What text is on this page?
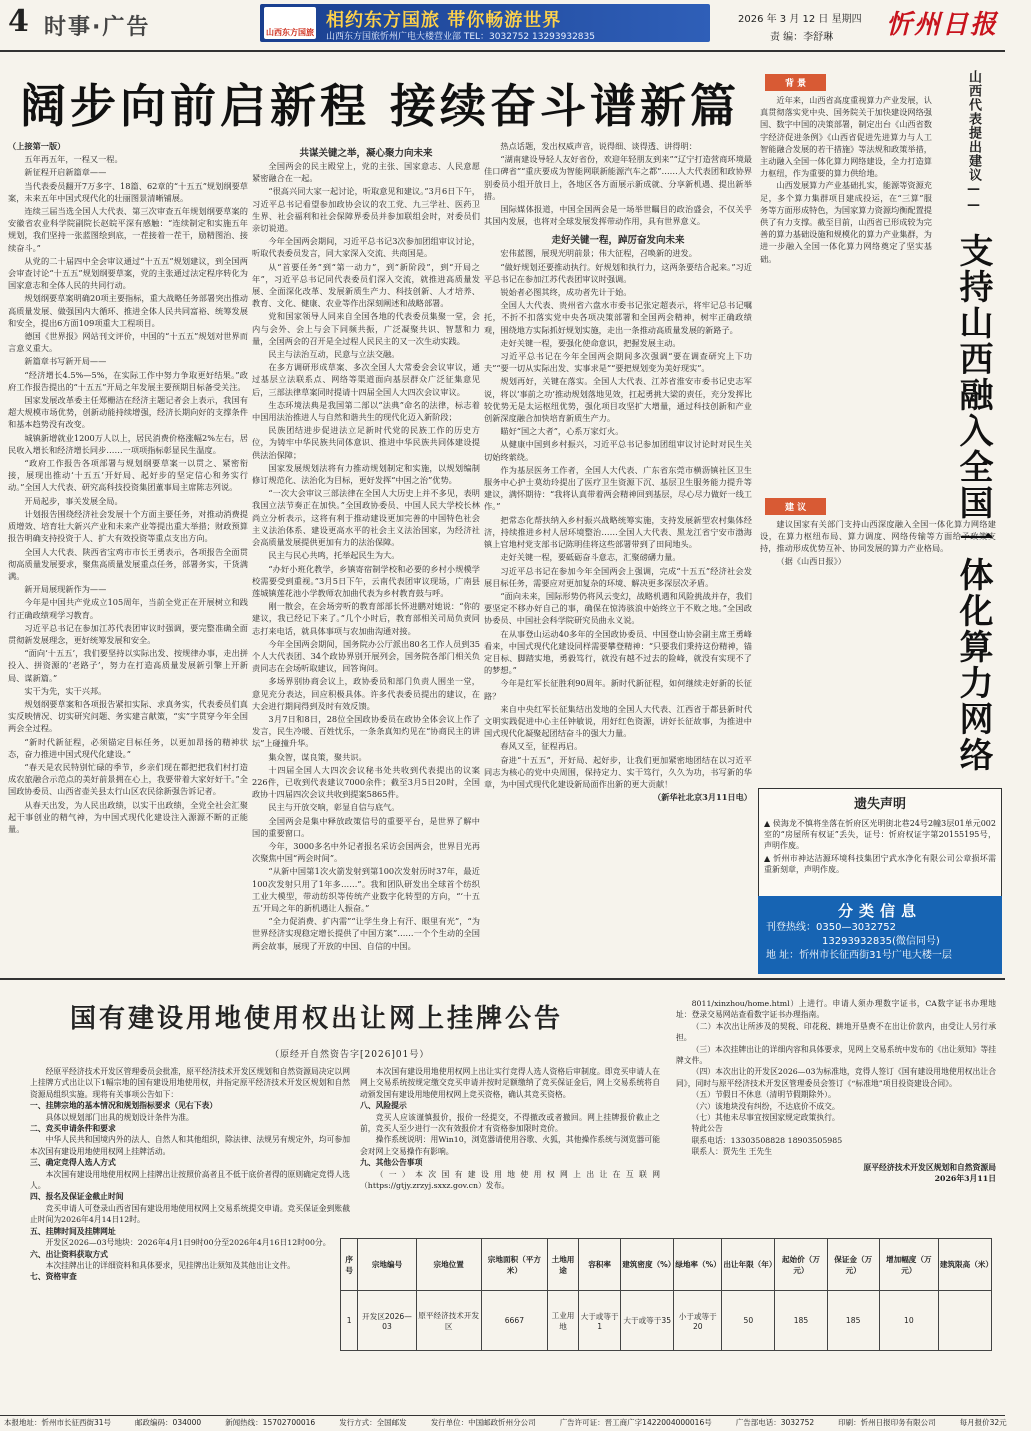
4 时事·广告	山西东方国旅
相约东方国旅 带你畅游世界
山西东方国旅忻州广电大楼营业部 TEL：3032752 13293932835
2026 年 3 月 12 日 星期四
责 编：李舒琳 忻州日报
阔步向前启新程 接续奋斗谱新篇

（上接第一版）

五年再五年，一程又一程。

新征程开启新篇章——

当代表委员翻开7万多字、18篇、62章的“十五五”规划纲要草案，未来五年中国式现代化的壮丽图景清晰铺展。

连续三届当选全国人大代表、第三次审查五年规划纲要草案的安徽省农业科学院副院长赵皖平深有感触：“连续制定和实施五年规划，我们坚持一张蓝图绘到底，一茬接着一茬干，励精图治、接续奋斗。”

从党的二十届四中全会审议通过“十五五”规划建议，到全国两会审查讨论“十五五”规划纲要草案，党的主张通过法定程序转化为国家意志和全体人民的共同行动。

规划纲要草案明确20项主要指标，重大战略任务部署突出推动高质量发展、做强国内大循环、推进全体人民共同富裕、统筹发展和安全，提出6方面109项重大工程项目。

德国《世界报》网站刊文评价，中国的“十五五”规划对世界而言意义重大。

新篇章书写新开局——

“经济增长4.5%—5%，在实际工作中努力争取更好结果。”政府工作报告提出的“十五五”开局之年发展主要预期目标备受关注。

国家发展改革委主任郑栅洁在经济主题记者会上表示，我国有超大规模市场优势，创新动能持续增强，经济长期向好的支撑条件和基本趋势没有改变。

城镇新增就业1200万人以上，居民消费价格涨幅2%左右，居民收入增长和经济增长同步……一项项指标彰显民生温度。

“政府工作报告各项部署与规划纲要草案一以贯之、紧密衔接，展现出推动‘十五五’开好局、起好步的坚定信心和务实行动。”全国人大代表、研究高科技投资集团董事局主席陈志列说。

开局起步，事关发展全局。

计划报告围绕经济社会发展十个方面主要任务，对推动消费提质增效、培育壮大新兴产业和未来产业等提出重大举措；财政预算报告明确支持投资于人、扩大有效投资等重点支出方向。

全国人大代表、陕西省宝鸡市市长王勇表示，各项报告全面贯彻高质量发展要求，聚焦高质量发展重点任务，部署务实，干货满满。

新开局展现新作为——

今年是中国共产党成立105周年，当前全党正在开展树立和践行正确政绩观学习教育。

习近平总书记在参加江苏代表团审议时强调，要完整准确全面贯彻新发展理念，更好统筹发展和安全。

“面向‘十五五’，我们要坚持以实际出发、按规律办事，走出拼投入、拼资源的‘老路子’，努力在打造高质量发展新引擎上开新局、谋新篇。”

实干为先，实干兴邦。

规划纲要草案和各项报告紧扣实际、求真务实，代表委员们真实反映情况、切实研究问题、务实建言献策，“实”字贯穿今年全国两会全过程。

“新时代新征程，必须锚定目标任务，以更加昂扬的精神状态，奋力推进中国式现代化建设。”

“春天是农民特别忙碌的季节，乡亲们现在都把把我们村打造成农旅融合示范点的美好前景拥在心上，我要带着大家好好干。”全国政协委员、山西省壶关县太行山区农民徐新强告诉记者。

从春天出发，为人民出政绩，以实干出政绩，全党全社会汇聚起干事创业的精气神，为中国式现代化建设注入源源不断的正能量。

共谋关键之举，凝心聚力向未来

全国两会的民主殿堂上，党的主张、国家意志、人民意愿紧密融合在一起。

“很高兴同大家一起讨论，听取意见和建议。”3月6日下午，习近平总书记看望参加政协会议的农工党、九三学社、医药卫生界、社会福利和社会保障界委员并参加联组会时，对委员们亲切说道。

今年全国两会期间，习近平总书记3次参加团组审议讨论，听取代表委员发言，同大家深入交流、共商国是。

从“首要任务”到“第一动力”，到“新阶段”，到“开局之年”，习近平总书记同代表委员们深入交流，就推进高质量发展、全面深化改革、发展新质生产力、科技创新、人才培养、教育、文化、健康、农业等作出深刻阐述和战略部署。

党和国家领导人同来自全国各地的代表委员集聚一堂，会内与会外、会上与会下同频共振，广泛凝聚共识、智慧和力量，全国两会的召开是全过程人民民主的又一次生动实践。

民主与法治互动，民意与立法交融。

在多方调研形成草案、多次全国人大常委会会议审议，通过基层立法联系点、网络等渠道面向基层群众广泛征集意见后，三部法律草案同时提请十四届全国人大四次会议审议。

生态环境法典是我国第二部以“法典”命名的法律，标志着中国用法治推进人与自然和谐共生的现代化迈入新阶段；

民族团结进步促进法立足新时代党的民族工作的历史方位，为铸牢中华民族共同体意识、推进中华民族共同体建设提供法治保障；

国家发展规划法将有力推动规划制定和实施，以规划编制修订规范化、法治化为目标，更好发挥“中国之治”优势。

“一次大会审议三部法律在全国人大历史上并不多见，表明我国立法节奏正在加快。”全国政协委员、中国人民大学校长林尚立分析表示，这将有利于推动建设更加完善的中国特色社会主义法治体系、建设更高水平的社会主义法治国家，为经济社会高质量发展提供更加有力的法治保障。

民主与民心共鸣，托举起民生为大。

“办好小班化教学，乡镇寄宿制学校和必要的乡村小规模学校需要受到重视。”3月5日下午，云南代表团审议现场，广南县莲城镇莲花池小学教师农加曲代表为乡村教育鼓与呼。

刚一散会，在会场旁听的教育部部长怀进鹏对她说：“你的建议，我已经记下来了。”几个小时后，教育部相关司局负责同志打来电话，就具体事项与农加曲沟通对接。

今年全国两会期间，国务院办公厅派出80名工作人员到35个人大代表团、34个政协界别开展列会，国务院各部门相关负责同志在会场听取建议，回答询问。

多场界别协商会议上，政协委员和部门负责人围坐一堂，意见充分表达，回应积极具体。许多代表委员提出的建议，在大会进行期间得到及时有效反馈。

3月7日和8日，28位全国政协委员在政协全体会议上作了发言，民生冷暖、百姓忧乐，一条条真知灼见在“协商民主的讲坛”上碰撞升华。

集众智，谋良策，聚共识。

十四届全国人大四次会议秘书处共收到代表提出的议案226件，已收到代表建议7000余件；截至3月5日20时，全国政协十四届四次会议共收到提案5865件。

民主与开放交响，彰显自信与底气。

全国两会是集中释放政策信号的重要平台，是世界了解中国的重要窗口。

今年，3000多名中外记者报名采访会国两会，世界目光再次聚焦中国“两会时间”。

“从新中国第1次火箭发射到第100次发射历时37年，最近100次发射只用了1年多……”。我和团队研发出全球首个纺织工业大模型，带动纺织等传统产业数字化转型的方向，“‘十五五’开局之年的新机遇让人振奋。”

“全力促消费、扩内需”“让学生身上有汗、眼里有光”，“为世界经济实现稳定增长提供了中国方案”……一个个生动的全国两会故事，展现了开放的中国、自信的中国。

热点话题，发出权威声音，说得细、谈得透、讲得明：

“湖南建设导轻人友好省份，欢迎年轻朋友到来”“辽宁打造营商环境最佳口碑省”“重庆要成为智能网联新能源汽车之都”……人大代表团和政协界别委员小组开放日上，各地区各方面展示新成就、分享新机遇、提出新举措。

国际媒体报道，中国全国两会是一场举世瞩目的政治盛会，不仅关乎其国内发展，也将对全球发展发挥带动作用，具有世界意义。

走好关键一程，踔厉奋发向未来

宏伟蓝图，展现光明前景；伟大征程，召唤新的进发。

“做好规划还要推动执行。好规划和执行力，这两条要结合起来。”习近平总书记在参加江苏代表团审议时强调。

锐始者必图其终，成功者先计于始。

全国人大代表、贵州省六盘水市委书记张定超表示，将牢记总书记嘱托，不折不扣落实党中央各项决策部署和全国两会精神，树牢正确政绩观，围绕地方实际抓好规划实施，走出一条推动高质量发展的新路子。

走好关键一程，要强化使命意识，把握发展主动。

习近平总书记在今年全国两会期间多次强调“要在调查研究上下功夫”“要一切从实际出发、实事求是”“要把规划变为美好现实”。

规划再好，关键在落实。全国人大代表、江苏省淮安市委书记史志军说，将以‘事前之功’推动规划落地见效，扛起勇挑大梁的责任，充分发挥比较优势无是太运枢纽优势，强化项目攻坚扩大增量，通过科技创新和产业创新深度融合加快培育新质生产力。

瞄好“国之大者”，心系万家灯火。

从健康中国到乡村振兴，习近平总书记参加团组审议讨论时对民生关切始终萦绕。

作为基层医务工作者，全国人大代表、广东省东莞市横沥镇社区卫生服务中心护士莫幼玲提出了医疗卫生资源下沉、基层卫生服务能力提升等建议，满怀期待：“我将认真带着两会精神回到基层，尽心尽力做好一线工作。”

把常态化帮扶纳入乡村振兴战略统筹实施，支持发展新型农村集体经济，持续推进乡村人居环境整治……全国人大代表、黑龙江省宁安市渤海镇上官地村党支部书记陈明佳将这些部署带到了田间地头。

走好关键一程，要砥砺奋斗意志，汇聚磅礴力量。

习近平总书记在参加今年全国两会上强调，完成“十五五”经济社会发展目标任务，需要应对更加复杂的环境、解决更多深层次矛盾。

“面向未来，国际形势仍将风云变幻，战略机遇和风险挑战并存，我们要坚定不移办好自己的事，确保在惊涛骇浪中始终立于不败之地。”全国政协委员、中国社会科学院研究员曲永义说。

在从事登山运动40多年的全国政协委员、中国登山协会副主席王勇峰看来，中国式现代化建设同样需要攀登精神：“只要我们秉持这份精神，锚定目标、脚踏实地，勇毅笃行，就没有越不过去的险峰，就没有实现不了的梦想。”

今年是红军长征胜利90周年。新时代新征程，如何继续走好新的长征路？

来自中央红军长征集结出发地的全国人大代表、江西省于都县新时代文明实践促进中心主任钟敏说，用好红色资源，讲好长征故事，为推进中国式现代化凝聚起团结奋斗的强大力量。

春风又至，征程再启。

奋进“十五五”，开好局、起好步，让我们更加紧密地团结在以习近平同志为核心的党中央周围，保持定力、实干笃行，久久为功，书写新的华章，为中国式现代化建设新局面作出新的更大贡献！

（新华社北京3月11日电）

背 景

近年来，山西省高度重视算力产业发展，认真贯彻落实党中央、国务院关于加快建设网络强国、数字中国的决策部署，制定出台《山西省数字经济促进条例》《山西省促进先进算力与人工智能融合发展的若干措施》等法规和政策举措，主动融入全国一体化算力网络建设，全力打造算力枢纽，作为重要的算力供给地。

山西发展算力产业基础扎实，能源等资源充足，多个算力集群项目建成投运，在“三算”服务等方面形成特色，为国家算力资源均衡配置提供了有力支撑。截至目前，山西省已形成较为完善的算力基础设施和规模化的算力产业集群，为进一步融入全国一体化算力网络奠定了坚实基础。

山西代表提出建议—— 支持山西融入全国一体化算力网络
建 议

建议国家有关部门支持山西深度融入全国一体化算力网络建设，在算力枢纽布局、算力调度、网络传输等方面给予政策支持，推动形成优势互补、协同发展的算力产业格局。

（据《山西日报》）

遗失声明

▲ 侯海龙不慎将坐落在忻府区光明街北巷24号2幢3层01单元002室的“房屋所有权证”丢失，证号：忻府权证字第20155195号，声明作废。

▲ 忻州市神达洁源环境科技集团宁武水净化有限公司公章损坏需重新刻章，声明作废。

分类信息

刊登热线：0350—3032752

13293932835(微信同号)

地 址：忻州市长征西街31号广电大楼一层

国有建设用地使用权出让网上挂牌公告
（原经开自然资告字[2026]01号）

经原平经济技术开发区管理委员会批准，原平经济技术开发区规划和自然资源局决定以网上挂牌方式出让以下1幅宗地的国有建设用地使用权，并指定原平经济技术开发区规划和自然资源局组织实施。现将有关事项公告如下：

一、挂牌宗地的基本情况和规划指标要求（见右下表）

具体以规划部门出具的规划设计条件为准。

二、竞买申请条件和要求

中华人民共和国境内外的法人、自然人和其他组织，除法律、法规另有规定外，均可参加本次国有建设用地使用权网上挂牌活动。

三、确定竞得人选人方式

本次国有建设用地使用权网上挂牌出让按照价高者且不低于底价者得的原则确定竞得人选人。

四、报名及保证金截止时间

竞买申请人可登录山西省国有建设用地使用权网上交易系统提交申请。竞买保证金到账截止时间为2026年4月14日12时。

五、挂牌时间及挂牌网址

开发区2026—03号地块：2026年4月1日9时00分至2026年4月16日12时00分。

六、出让资料获取方式

本次挂牌出让的详细资料和具体要求，见挂牌出让须知及其他出让文件。

七、资格审查

本次国有建设用地使用权网上出让实行竞得人选人资格后审制度。即竞买申请人在网上交易系统按规定缴交竞买申请并按时足额缴纳了竞买保证金后，网上交易系统将自动颁发国有建设用地使用权网上竞买资格，确认其竞买资格。

八、风险提示

竞买人应该谨慎报价，报价一经提交，不得撤改或者撤回。网上挂牌报价截止之前，竞买人至少进行一次有效报价才有资格参加限时竞价。

操作系统说明：用Win10，浏览器请使用谷歌、火狐，其他操作系统与浏览器可能会对网上交易操作有影响。

九、其他公告事项

（一）本次国有建设用地使用权网上出让在互联网（https://gtjy.zrzyj.sxxz.gov.cn）发布。

8011/xinzhou/home.html）上进行。申请人须办理数字证书，CA数字证书办理地址：登录交易网站查看数字证书办理指南。

（二）本次出让所涉及的契税、印花税、耕地开垦费不在出让价款内，由受让人另行承担。

（三）本次挂牌出让的详细内容和具体要求，见网上交易系统中发布的《出让须知》等挂牌文件。

（四）本次出让的开发区2026—03为标准地，竞得人签订《国有建设用地使用权出让合同》，同时与原平经济技术开发区管理委员会签订《“标准地”项目投资建设合同》。

（五）节假日不休息（清明节假期除外）。

（六）该地块没有纠纷，不达底价不成交。

（七）其他未尽事宜按国家规定政策执行。

特此公告

联系电话：13303508828 18903505985

联系人：贾先生 王先生

原平经济技术开发区规划和自然资源局

2026年3月11日

序号	宗地编号	宗地位置	宗地面积（平方米）	土地用途	容积率	建筑密度（%）	绿地率（%）	出让年限（年）	起始价（万元）	保证金（万元）	增加幅度（万元）	建筑限高（米）
1	开发区2026—03	原平经济技术开发区	6667	工业用地	大于或等于1	大于或等于35	小于或等于20	50	185	185	10	
本报地址：忻州市长征西街31号	邮政编码：034000	新闻热线：15702700016	发行方式：全国邮发	发行单位：中国邮政忻州分公司	广告许可证：晋工商广字1422004000016号	广告部电话：3032752	印刷：忻州日报印务有限公司	每月报价32元
